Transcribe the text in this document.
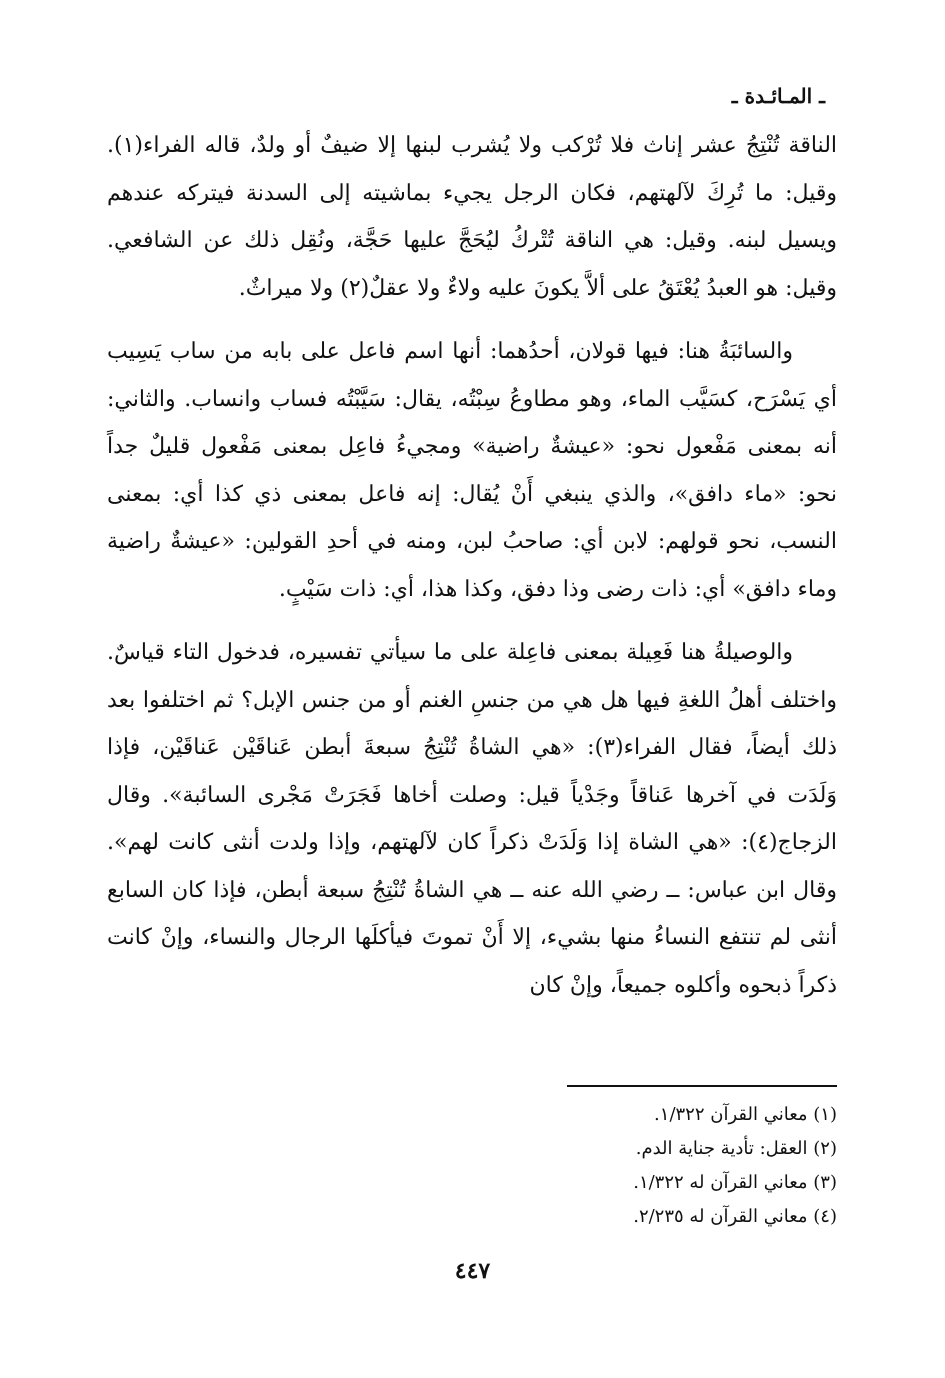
ـ المـائـدة ـ

الناقة تُنْتِجُ عشر إناث فلا تُرْكب ولا يُشرب لبنها إلا ضيفٌ أو ولدٌ، قاله الفراء(١). وقيل: ما تُرِكَ لآلهتهم، فكان الرجل يجيء بماشيته إلى السدنة فيتركه عندهم ويسيل لبنه. وقيل: هي الناقة تُتْركُ ليُحَجَّ عليها حَجَّة، ونُقِل ذلك عن الشافعي. وقيل: هو العبدُ يُعْتَقُ على ألاَّ يكونَ عليه ولاءٌ ولا عقلٌ(٢) ولا ميراثٌ.

والسائبَةُ هنا: فيها قولان، أحدُهما: أنها اسم فاعل على بابه من ساب يَسِيب أي يَسْرَح، كسَيَّب الماء، وهو مطاوعُ سِبْتُه، يقال: سَيَّبْتُه فساب وانساب. والثاني: أنه بمعنى مَفْعول نحو: «عيشةٌ راضية» ومجيءُ فاعِل بمعنى مَفْعول قليلٌ جداً نحو: «ماء دافق»، والذي ينبغي أَنْ يُقال: إنه فاعل بمعنى ذي كذا أي: بمعنى النسب، نحو قولهم: لابن أي: صاحبُ لبن، ومنه في أحدِ القولين: «عيشةٌ راضية وماء دافق» أي: ذات رضى وذا دفق، وكذا هذا، أي: ذات سَيْبٍ.

والوصيلةُ هنا فَعِيلة بمعنى فاعِلة على ما سيأتي تفسيره، فدخول التاء قياسٌ. واختلف أهلُ اللغةِ فيها هل هي من جنسِ الغنم أو من جنس الإبل؟ ثم اختلفوا بعد ذلك أيضاً، فقال الفراء(٣): «هي الشاةُ تُنْتِجُ سبعةَ أبطن عَناقَيْن عَناقَيْن، فإذا وَلَدَت في آخرها عَناقاً وجَدْياً قيل: وصلت أخاها فَجَرَتْ مَجْرى السائبة». وقال الزجاج(٤): «هي الشاة إذا وَلَدَتْ ذكراً كان لآلهتهم، وإذا ولدت أنثى كانت لهم». وقال ابن عباس: ــ رضي الله عنه ــ هي الشاةُ تُنْتِجُ سبعة أبطن، فإذا كان السابع أنثى لم تنتفع النساءُ منها بشيء، إلا أَنْ تموتَ فيأكلَها الرجال والنساء، وإنْ كانت ذكراً ذبحوه وأكلوه جميعاً، وإنْ كان

(١) معاني القرآن ١/٣٢٢.

(٢) العقل: تأدية جناية الدم.

(٣) معاني القرآن له ١/٣٢٢.

(٤) معاني القرآن له ٢/٢٣٥.

٤٤٧
